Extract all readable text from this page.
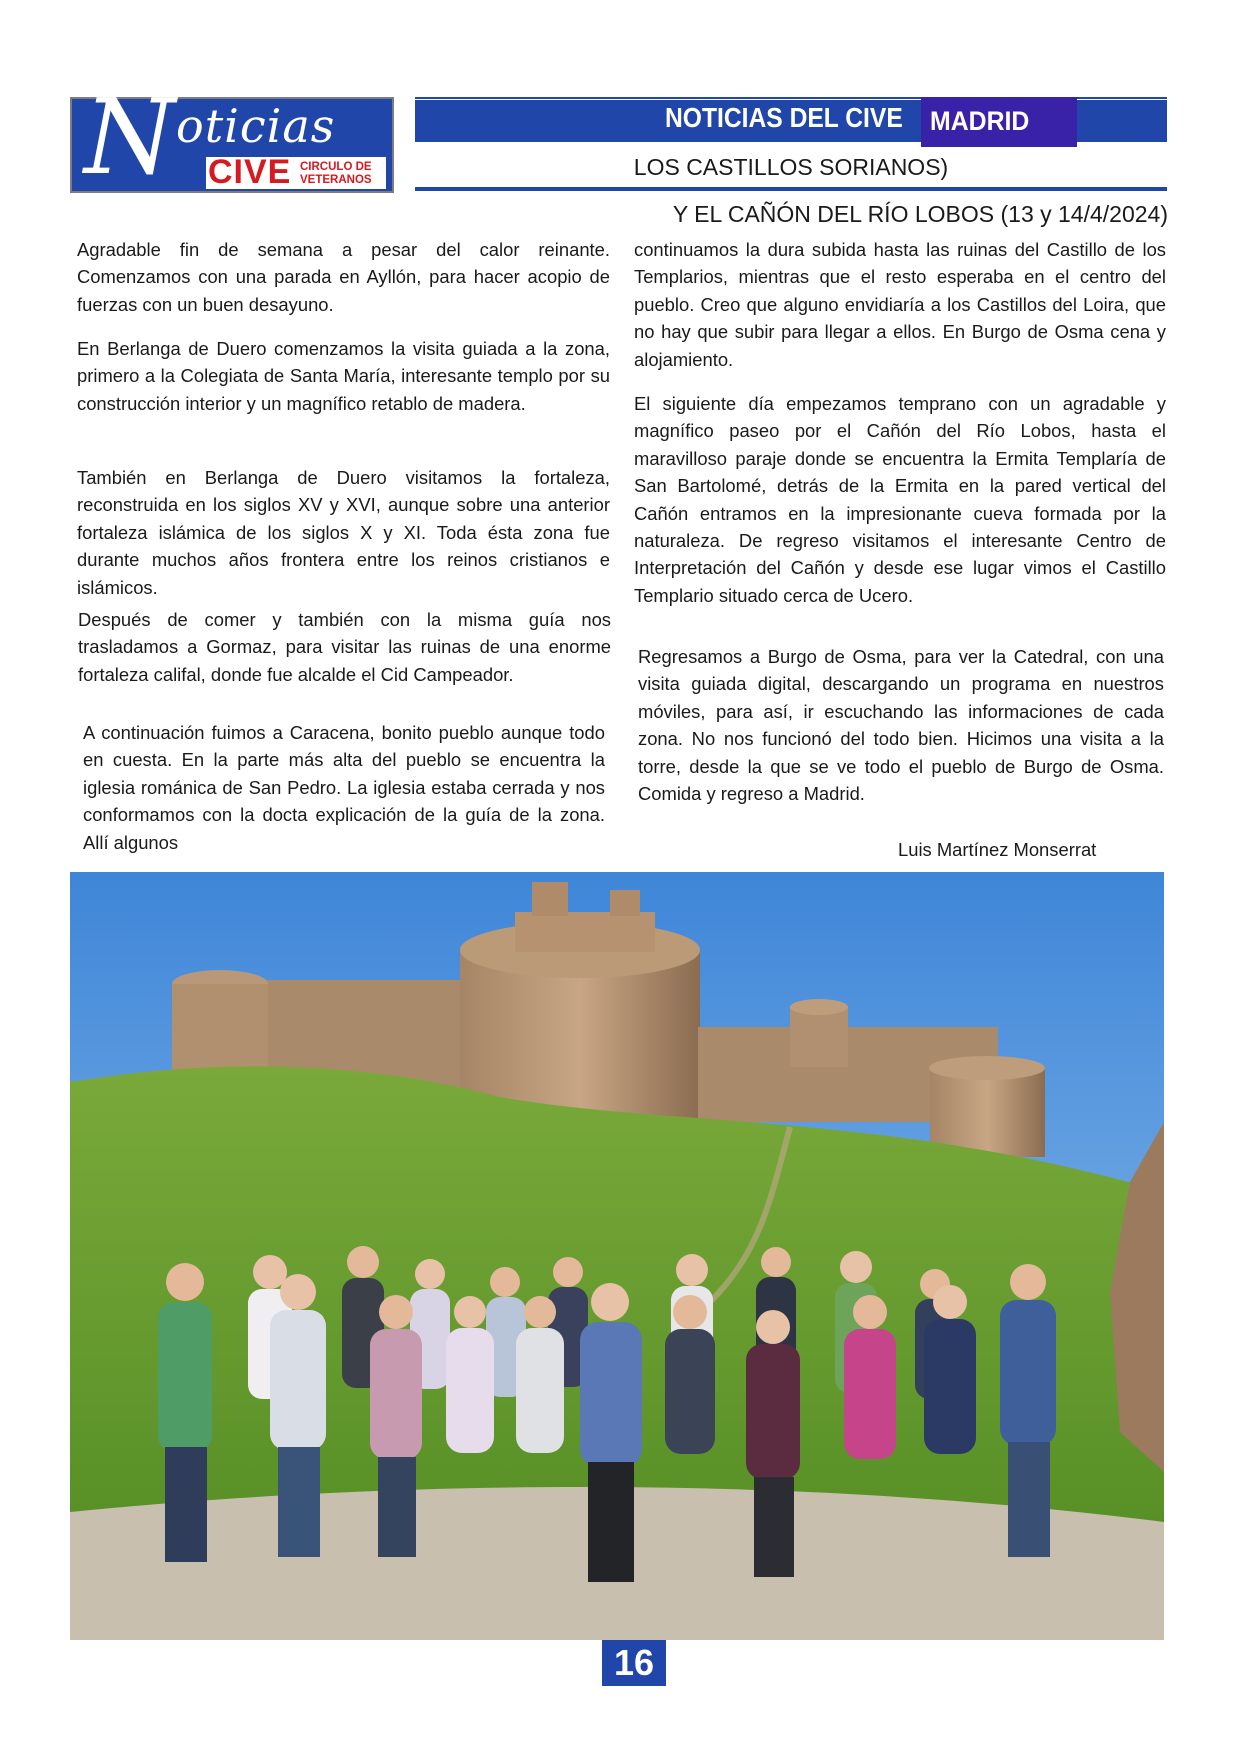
N oticias
CIVE CIRCULO DE
VETERANOS
NOTICIAS DEL CIVE MADRID
LOS CASTILLOS SORIANOS)
Y EL CAÑÓN DEL RÍO LOBOS (13 y 14/4/2024)

Agradable fin de semana a pesar del calor reinante. Comenzamos con una parada en Ayllón, para hacer acopio de fuerzas con un buen desayuno.

En Berlanga de Duero comenzamos la visita guiada a la zona, primero a la Colegiata de Santa María, interesante templo por su construcción interior y un magnífico retablo de madera.

También en Berlanga de Duero visitamos la fortaleza, reconstruida en los siglos XV y XVI, aunque sobre una anterior fortaleza islámica de los siglos X y XI. Toda ésta zona fue durante muchos años frontera entre los reinos cristianos e islámicos.

Después de comer y también con la misma guía nos trasladamos a Gormaz, para visitar las ruinas de una enorme fortaleza califal, donde fue alcalde el Cid Campeador.

A continuación fuimos a Caracena, bonito pueblo aunque todo en cuesta. En la parte más alta del pueblo se encuentra la iglesia románica de San Pedro. La iglesia estaba cerrada y nos conformamos con la docta explicación de la guía de la zona. Allí algunos

continuamos la dura subida hasta las ruinas del Castillo de los Templarios, mientras que el resto esperaba en el centro del pueblo. Creo que alguno envidiaría a los Castillos del Loira, que no hay que subir para llegar a ellos. En Burgo de Osma cena y alojamiento.

El siguiente día empezamos temprano con un agradable y magnífico paseo por el Cañón del Río Lobos, hasta el maravilloso paraje donde se encuentra la Ermita Templaría de San Bartolomé, detrás de la Ermita en la pared vertical del Cañón entramos en la impresionante cueva formada por la naturaleza. De regreso visitamos el interesante Centro de Interpretación del Cañón y desde ese lugar vimos el Castillo Templario situado cerca de Ucero.

Regresamos a Burgo de Osma, para ver la Catedral, con una visita guiada digital, descargando un programa en nuestros móviles, para así, ir escuchando las informaciones de cada zona. No nos funcionó del todo bien. Hicimos una visita a la torre, desde la que se ve todo el pueblo de Burgo de Osma. Comida y regreso a Madrid.

Luis Martínez Monserrat
16
